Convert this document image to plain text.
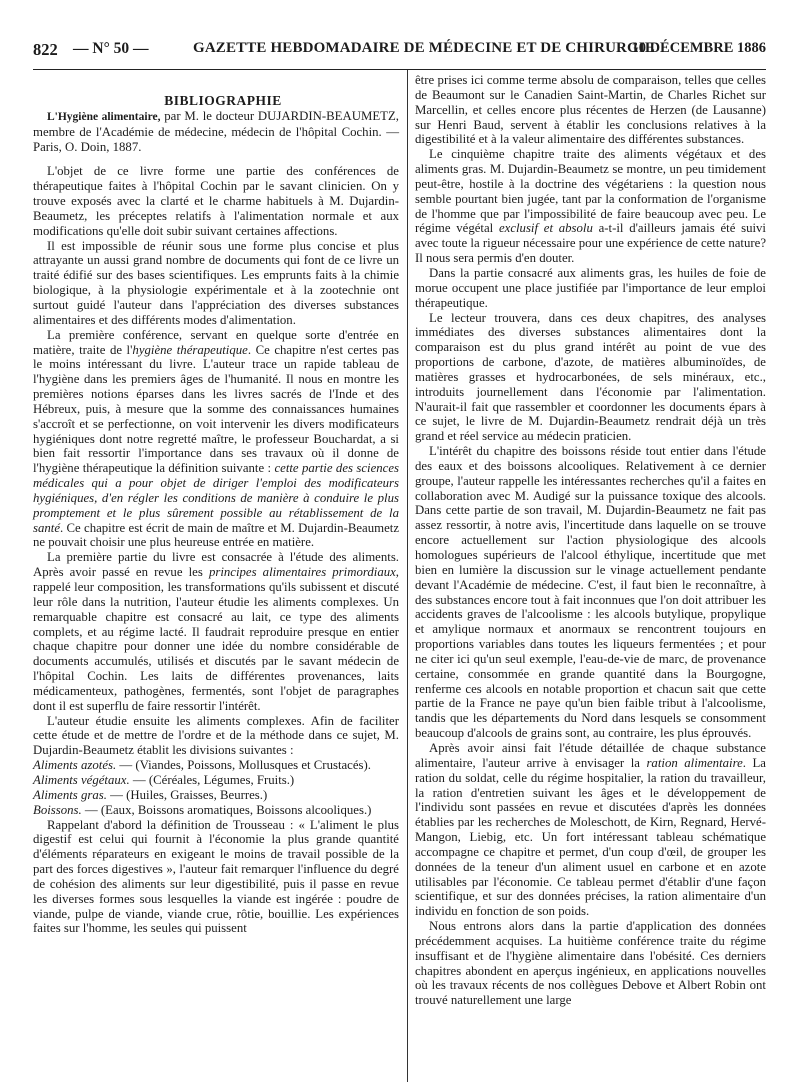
822 — N° 50 —	GAZETTE HEBDOMADAIRE DE MÉDECINE ET DE CHIRURGIE
10 DÉCEMBRE 1886

BIBLIOGRAPHIE

L'Hygiène alimentaire, par M. le docteur DUJARDIN-BEAUMETZ, membre de l'Académie de médecine, médecin de l'hôpital Cochin. — Paris, O. Doin, 1887.

L'objet de ce livre forme une partie des conférences de thérapeutique faites à l'hôpital Cochin par le savant clinicien. On y trouve exposés avec la clarté et le charme habituels à M. Dujardin-Beaumetz, les préceptes relatifs à l'alimentation normale et aux modifications qu'elle doit subir suivant certaines affections.

Il est impossible de réunir sous une forme plus concise et plus attrayante un aussi grand nombre de documents qui font de ce livre un traité édifié sur des bases scientifiques. Les emprunts faits à la chimie biologique, à la physiologie expérimentale et à la zootechnie ont surtout guidé l'auteur dans l'appréciation des diverses substances alimentaires et des différents modes d'alimentation.

La première conférence, servant en quelque sorte d'entrée en matière, traite de l'hygiène thérapeutique. Ce chapitre n'est certes pas le moins intéressant du livre. L'auteur trace un rapide tableau de l'hygiène dans les premiers âges de l'humanité. Il nous en montre les premières notions éparses dans les livres sacrés de l'Inde et des Hébreux, puis, à mesure que la somme des connaissances humaines s'accroît et se perfectionne, on voit intervenir les divers modificateurs hygiéniques dont notre regretté maître, le professeur Bouchardat, a si bien fait ressortir l'importance dans ses travaux où il donne de l'hygiène thérapeutique la définition suivante : cette partie des sciences médicales qui a pour objet de diriger l'emploi des modificateurs hygiéniques, d'en régler les conditions de manière à conduire le plus promptement et le plus sûrement possible au rétablissement de la santé. Ce chapitre est écrit de main de maître et M. Dujardin-Beaumetz ne pouvait choisir une plus heureuse entrée en matière.

La première partie du livre est consacrée à l'étude des aliments. Après avoir passé en revue les principes alimentaires primordiaux, rappelé leur composition, les transformations qu'ils subissent et discuté leur rôle dans la nutrition, l'auteur étudie les aliments complexes. Un remarquable chapitre est consacré au lait, ce type des aliments complets, et au régime lacté. Il faudrait reproduire presque en entier chaque chapitre pour donner une idée du nombre considérable de documents accumulés, utilisés et discutés par le savant médecin de l'hôpital Cochin. Les laits de différentes provenances, laits médicamenteux, pathogènes, fermentés, sont l'objet de paragraphes dont il est superflu de faire ressortir l'intérêt.

L'auteur étudie ensuite les aliments complexes. Afin de faciliter cette étude et de mettre de l'ordre et de la méthode dans ce sujet, M. Dujardin-Beaumetz établit les divisions suivantes :

Aliments azotés. — (Viandes, Poissons, Mollusques et Crustacés).

Aliments végétaux. — (Céréales, Légumes, Fruits.)

Aliments gras. — (Huiles, Graisses, Beurres.)

Boissons. — (Eaux, Boissons aromatiques, Boissons alcooliques.)

Rappelant d'abord la définition de Trousseau : « L'aliment le plus digestif est celui qui fournit à l'économie la plus grande quantité d'éléments réparateurs en exigeant le moins de travail possible de la part des forces digestives », l'auteur fait remarquer l'influence du degré de cohésion des aliments sur leur digestibilité, puis il passe en revue les diverses formes sous lesquelles la viande est ingérée : poudre de viande, pulpe de viande, viande crue, rôtie, bouillie. Les expériences faites sur l'homme, les seules qui puissent

être prises ici comme terme absolu de comparaison, telles que celles de Beaumont sur le Canadien Saint-Martin, de Charles Richet sur Marcellin, et celles encore plus récentes de Herzen (de Lausanne) sur Henri Baud, servent à établir les conclusions relatives à la digestibilité et à la valeur alimentaire des différentes substances.

Le cinquième chapitre traite des aliments végétaux et des aliments gras. M. Dujardin-Beaumetz se montre, un peu timidement peut-être, hostile à la doctrine des végétariens : la question nous semble pourtant bien jugée, tant par la conformation de l'organisme de l'homme que par l'impossibilité de faire beaucoup avec peu. Le régime végétal exclusif et absolu a-t-il d'ailleurs jamais été suivi avec toute la rigueur nécessaire pour une expérience de cette nature? Il nous sera permis d'en douter.

Dans la partie consacré aux aliments gras, les huiles de foie de morue occupent une place justifiée par l'importance de leur emploi thérapeutique.

Le lecteur trouvera, dans ces deux chapitres, des analyses immédiates des diverses substances alimentaires dont la comparaison est du plus grand intérêt au point de vue des proportions de carbone, d'azote, de matières albuminoïdes, de matières grasses et hydrocarbonées, de sels minéraux, etc., introduits journellement dans l'économie par l'alimentation. N'aurait-il fait que rassembler et coordonner les documents épars à ce sujet, le livre de M. Dujardin-Beaumetz rendrait déjà un très grand et réel service au médecin praticien.

L'intérêt du chapitre des boissons réside tout entier dans l'étude des eaux et des boissons alcooliques. Relativement à ce dernier groupe, l'auteur rappelle les intéressantes recherches qu'il a faites en collaboration avec M. Audigé sur la puissance toxique des alcools. Dans cette partie de son travail, M. Dujardin-Beaumetz ne fait pas assez ressortir, à notre avis, l'incertitude dans laquelle on se trouve encore actuellement sur l'action physiologique des alcools homologues supérieurs de l'alcool éthylique, incertitude que met bien en lumière la discussion sur le vinage actuellement pendante devant l'Académie de médecine. C'est, il faut bien le reconnaître, à des substances encore tout à fait inconnues que l'on doit attribuer les accidents graves de l'alcoolisme : les alcools butylique, propylique et amylique normaux et anormaux se rencontrent toujours en proportions variables dans toutes les liqueurs fermentées ; et pour ne citer ici qu'un seul exemple, l'eau-de-vie de marc, de provenance certaine, consommée en grande quantité dans la Bourgogne, renferme ces alcools en notable proportion et chacun sait que cette partie de la France ne paye qu'un bien faible tribut à l'alcoolisme, tandis que les départements du Nord dans lesquels se consomment beaucoup d'alcools de grains sont, au contraire, les plus éprouvés.

Après avoir ainsi fait l'étude détaillée de chaque substance alimentaire, l'auteur arrive à envisager la ration alimentaire. La ration du soldat, celle du régime hospitalier, la ration du travailleur, la ration d'entretien suivant les âges et le développement de l'individu sont passées en revue et discutées d'après les données établies par les recherches de Moleschott, de Kirn, Regnard, Hervé-Mangon, Liebig, etc. Un fort intéressant tableau schématique accompagne ce chapitre et permet, d'un coup d'œil, de grouper les données de la teneur d'un aliment usuel en carbone et en azote utilisables par l'économie. Ce tableau permet d'établir d'une façon scientifique, et sur des données précises, la ration alimentaire d'un individu en fonction de son poids.

Nous entrons alors dans la partie d'application des données précédemment acquises. La huitième conférence traite du régime insuffisant et de l'hygiène alimentaire dans l'obésité. Ces derniers chapitres abondent en aperçus ingénieux, en applications nouvelles où les travaux récents de nos collègues Debove et Albert Robin ont trouvé naturellement une large
